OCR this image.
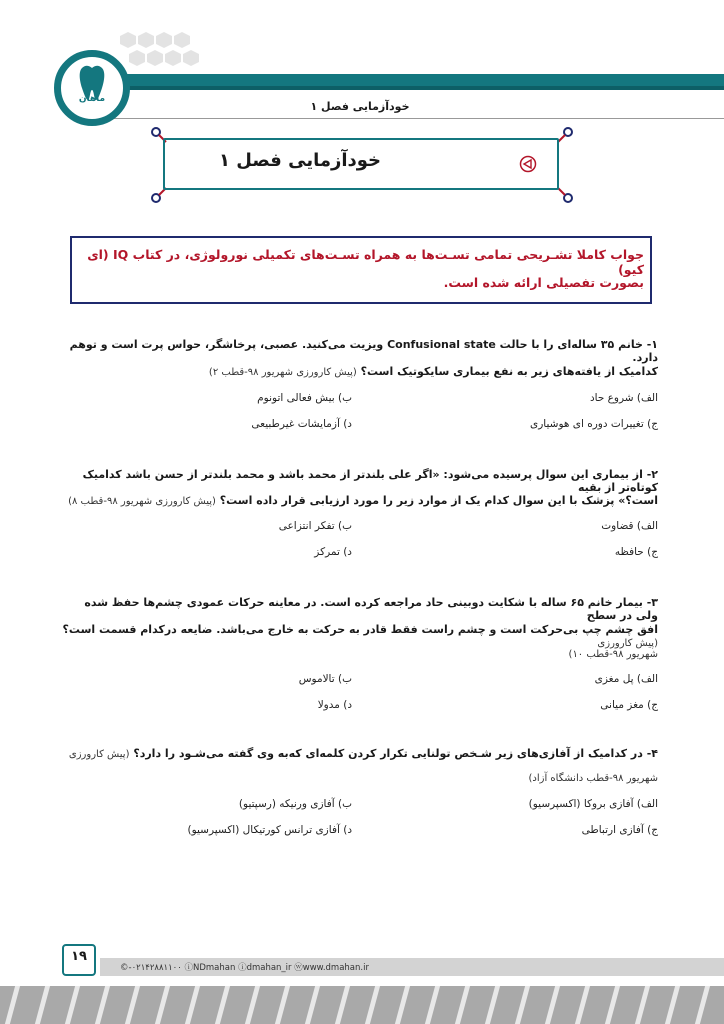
خودآزمایی فصل ۱
ماهان
خودآزمایی فصل ۱
جواب کاملا تشـریحی تمامی تسـت‌ها به همراه تسـت‌های تکمیلی نورولوژی، در کتاب IQ (ای کیو)
بصورت تفصیلی ارائه شده است.
۱- خانم ۳۵ ساله‌ای را با حالت Confusional state ویزیت می‌کنید. عصبی، پرخاشگر، حواس پرت است و توهم دارد.
کدامیک از یافته‌های زیر به نفع بیماری سایکوتیک است؟ (پیش کارورزی شهریور ۹۸-قطب ۲)
الف) شروع حاد
ب) بیش فعالی اتونوم
ج) تغییرات دوره ای هوشیاری
د) آزمایشات غیرطبیعی
۲- از بیماری این سوال پرسیده می‌شود: «اگر علی بلندتر از محمد باشد و محمد بلندتر از حسن باشد کدامیک کوتاه‌تر از بقیه
است؟» پزشک با این سوال کدام یک از موارد زیر را مورد ارزیابی قرار داده است؟ (پیش کارورزی شهریور ۹۸-قطب ۸)
الف) قضاوت
ب) تفکر انتزاعی
ج) حافظه
د) تمرکز
۳- بیمار خانم ۶۵ ساله با شکایت دوبینی حاد مراجعه کرده است. در معاینه حرکات عمودی چشم‌ها حفظ شده ولی در سطح
افق چشم چپ بی‌حرکت است و چشم راست فقط قادر به حرکت به خارج می‌باشد. ضایعه درکدام قسمت است؟ (پیش کارورزی
شهریور ۹۸-قطب ۱۰)
الف) پل مغزی
ب) تالاموس
ج) مغز میانی
د) مدولا
۴- در کدامیک از آفازی‌های زیر شـخص تولنایی تکرار کردن کلمه‌ای که‌به وی گفته می‌شـود را دارد؟ (پیش کارورزی
شهریور ۹۸-قطب دانشگاه آزاد)
الف) آفازی بروکا (اکسپرسیو)
ب) آفازی ورنیکه (رسپتیو)
ج) آفازی ارتباطی
د) آفازی ترانس کورتیکال (اکسپرسیو)
©-۰۲۱۴۲۸۸۱۱۰۰ ⓘNDmahan ⓘdmahan_ir ⓦwww.dmahan.ir
۱۹
